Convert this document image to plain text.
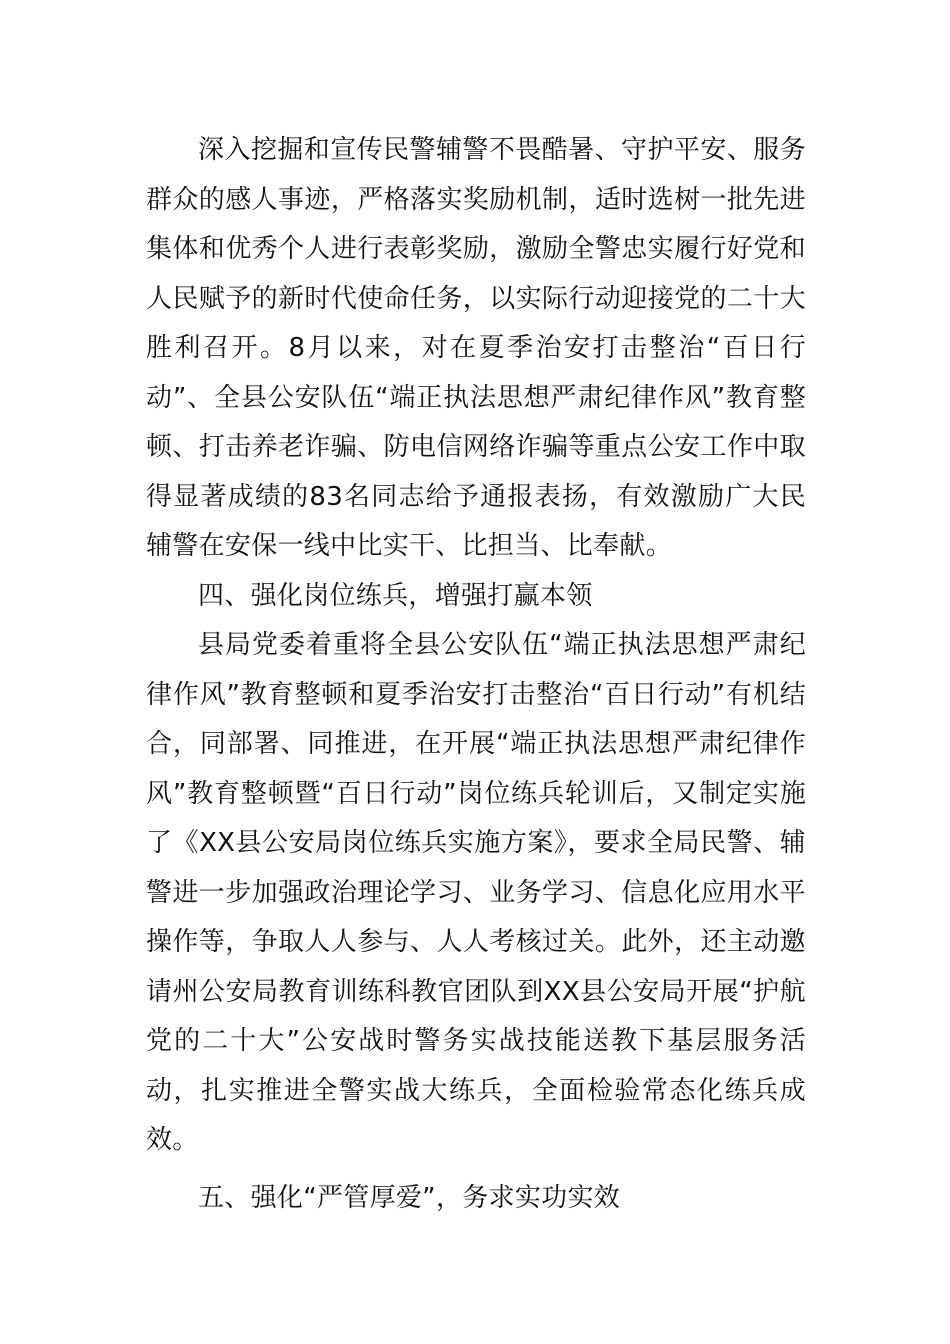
深入挖掘和宣传民警辅警不畏酷暑、守护平安、服务群众的感人事迹，严格落实奖励机制，适时选树一批先进集体和优秀个人进行表彰奖励，激励全警忠实履行好党和人民赋予的新时代使命任务，以实际行动迎接党的二十大胜利召开。8月以来，对在夏季治安打击整治“百日行动”、全县公安队伍“端正执法思想严肃纪律作风”教育整顿、打击养老诈骗、防电信网络诈骗等重点公安工作中取得显著成绩的83名同志给予通报表扬，有效激励广大民辅警在安保一线中比实干、比担当、比奉献。

四、强化岗位练兵，增强打赢本领

县局党委着重将全县公安队伍“端正执法思想严肃纪律作风”教育整顿和夏季治安打击整治“百日行动”有机结合，同部署、同推进，在开展“端正执法思想严肃纪律作风”教育整顿暨“百日行动”岗位练兵轮训后，又制定实施了《XX县公安局岗位练兵实施方案》，要求全局民警、辅警进一步加强政治理论学习、业务学习、信息化应用水平操作等，争取人人参与、人人考核过关。此外，还主动邀请州公安局教育训练科教官团队到XX县公安局开展“护航党的二十大”公安战时警务实战技能送教下基层服务活动，扎实推进全警实战大练兵，全面检验常态化练兵成效。

五、强化“严管厚爱”，务求实功实效
